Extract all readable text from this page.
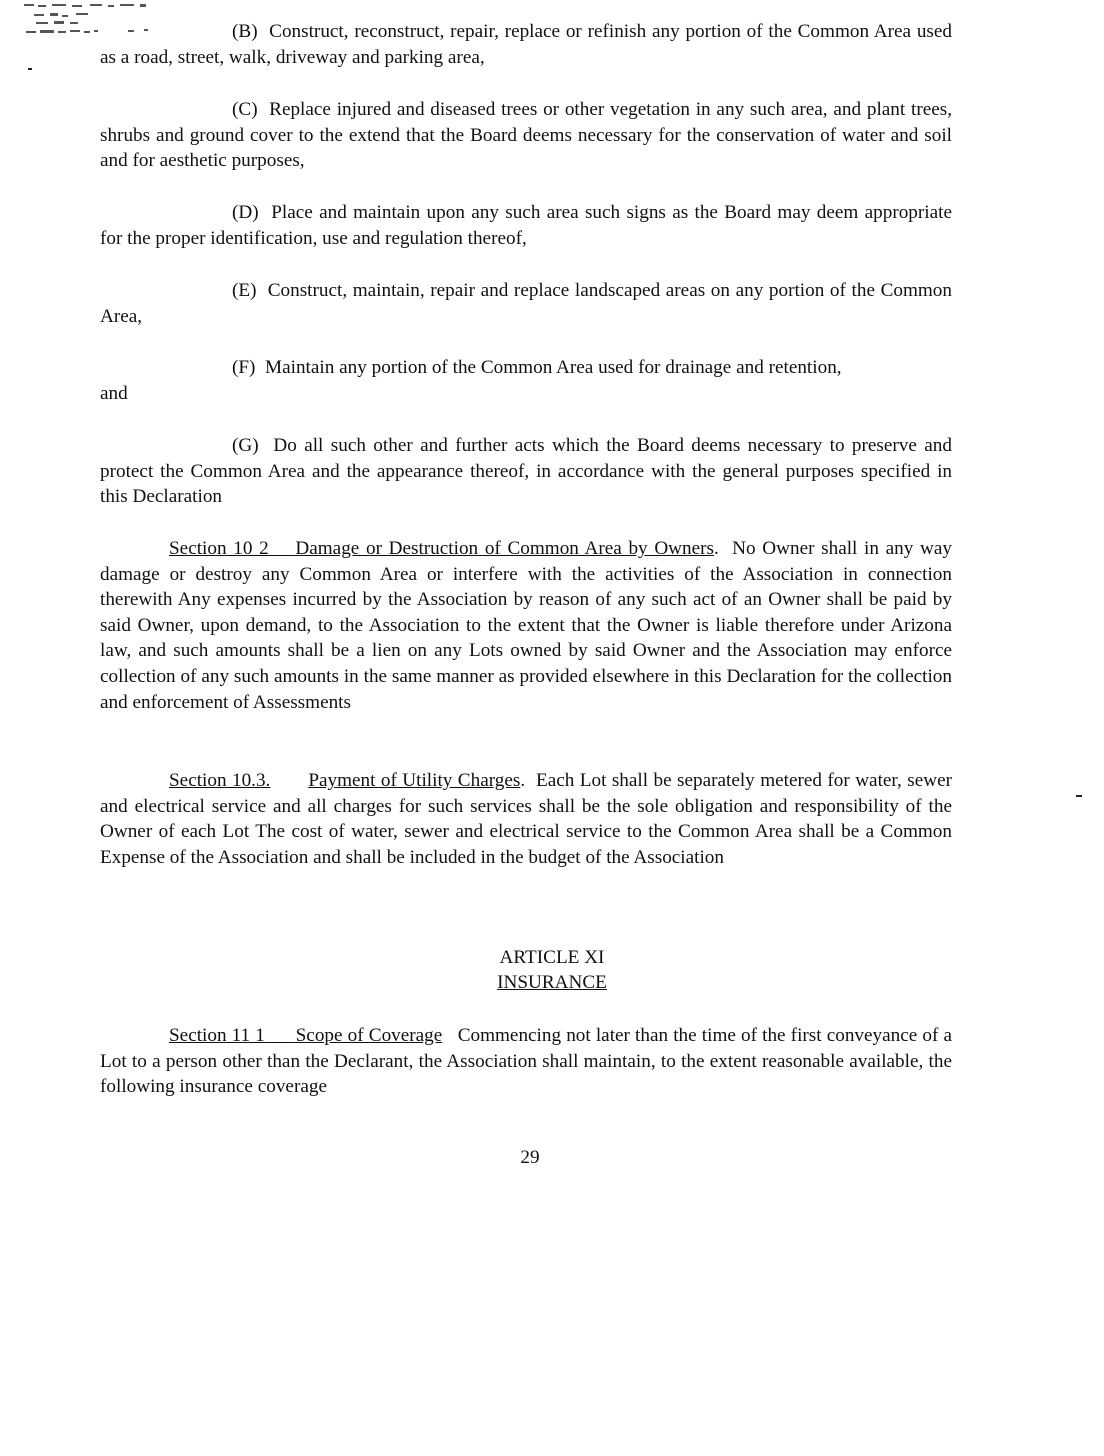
(B) Construct, reconstruct, repair, replace or refinish any portion of the Common Area used as a road, street, walk, driveway and parking area,

(C) Replace injured and diseased trees or other vegetation in any such area, and plant trees, shrubs and ground cover to the extend that the Board deems necessary for the conservation of water and soil and for aesthetic purposes,

(D) Place and maintain upon any such area such signs as the Board may deem appropriate for the proper identification, use and regulation thereof,

(E) Construct, maintain, repair and replace landscaped areas on any portion of the Common Area,

(F) Maintain any portion of the Common Area used for drainage and retention,

and

(G) Do all such other and further acts which the Board deems necessary to preserve and protect the Common Area and the appearance thereof, in accordance with the general purposes specified in this Declaration

Section 10 2 Damage or Destruction of Common Area by Owners.  No Owner shall in any way damage or destroy any Common Area or interfere with the activities of the Association in connection therewith Any expenses incurred by the Association by reason of any such act of an Owner shall be paid by said Owner, upon demand, to the Association to the extent that the Owner is liable therefore under Arizona law, and such amounts shall be a lien on any Lots owned by said Owner and the Association may enforce collection of any such amounts in the same manner as provided elsewhere in this Declaration for the collection and enforcement of Assessments

Section 10.3. Payment of Utility Charges.  Each Lot shall be separately metered for water, sewer and electrical service and all charges for such services shall be the sole obligation and responsibility of the Owner of each Lot The cost of water, sewer and electrical service to the Common Area shall be a Common Expense of the Association and shall be included in the budget of the Association

ARTICLE XI
INSURANCE

Section 11 1 Scope of Coverage Commencing not later than the time of the first conveyance of a Lot to a person other than the Declarant, the Association shall maintain, to the extent reasonable available, the following insurance coverage

29
